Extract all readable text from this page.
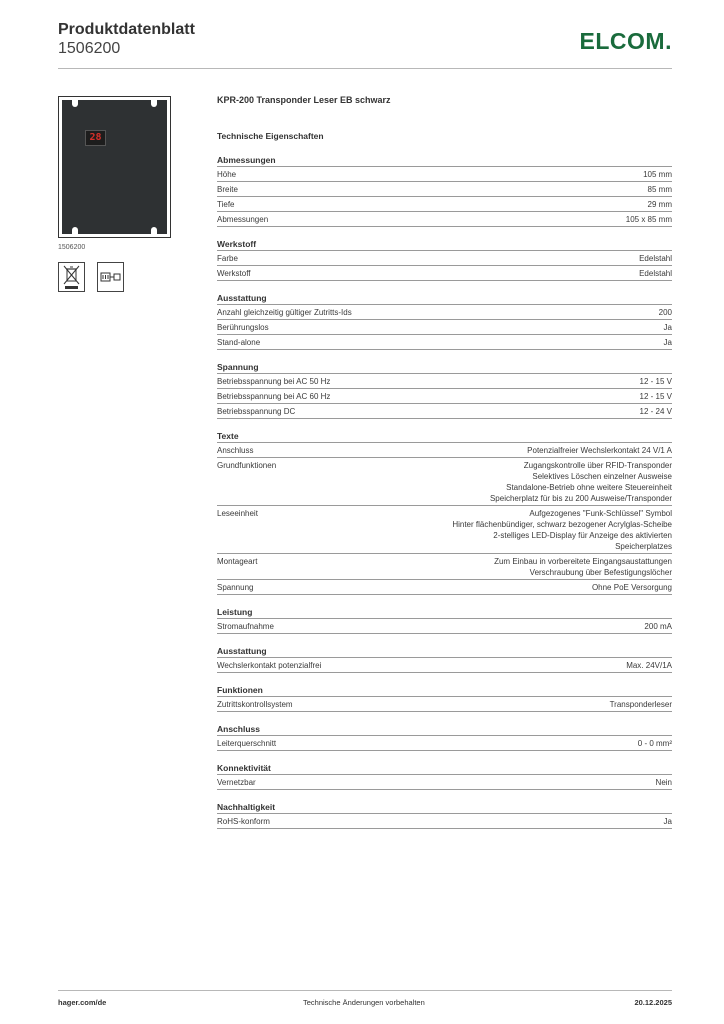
Produktdatenblatt
1506200	ELCOM.
28
1506200
KPR-200 Transponder Leser EB schwarz
Technische Eigenschaften
Abmessungen
Höhe	105 mm
Breite	85 mm
Tiefe	29 mm
Abmessungen	105 x 85 mm
Werkstoff
Farbe	Edelstahl
Werkstoff	Edelstahl
Ausstattung
Anzahl gleichzeitig gültiger Zutritts-Ids	200
Berührungslos	Ja
Stand-alone	Ja
Spannung
Betriebsspannung bei AC 50 Hz	12 - 15 V
Betriebsspannung bei AC 60 Hz	12 - 15 V
Betriebsspannung DC	12 - 24 V
Texte
Anschluss	Potenzialfreier Wechslerkontakt 24 V/1 A
Grundfunktionen	Zugangskontrolle über RFID-Transponder
Selektives Löschen einzelner Ausweise
Standalone-Betrieb ohne weitere Steuereinheit
Speicherplatz für bis zu 200 Ausweise/Transponder
Leseeinheit	Aufgezogenes "Funk-Schlüssel" Symbol
Hinter flächenbündiger, schwarz bezogener Acrylglas-Scheibe
2-stelliges LED-Display für Anzeige des aktivierten
Speicherplatzes
Montageart	Zum Einbau in vorbereitete Eingangsaustattungen
Verschraubung über Befestigungslöcher
Spannung	Ohne PoE Versorgung
Leistung
Stromaufnahme	200 mA
Ausstattung
Wechslerkontakt potenzialfrei	Max. 24V/1A
Funktionen
Zutrittskontrollsystem	Transponderleser
Anschluss
Leiterquerschnitt	0 - 0 mm²
Konnektivität
Vernetzbar	Nein
Nachhaltigkeit
RoHS-konform	Ja
hager.com/de	Technische Änderungen vorbehalten	20.12.2025
